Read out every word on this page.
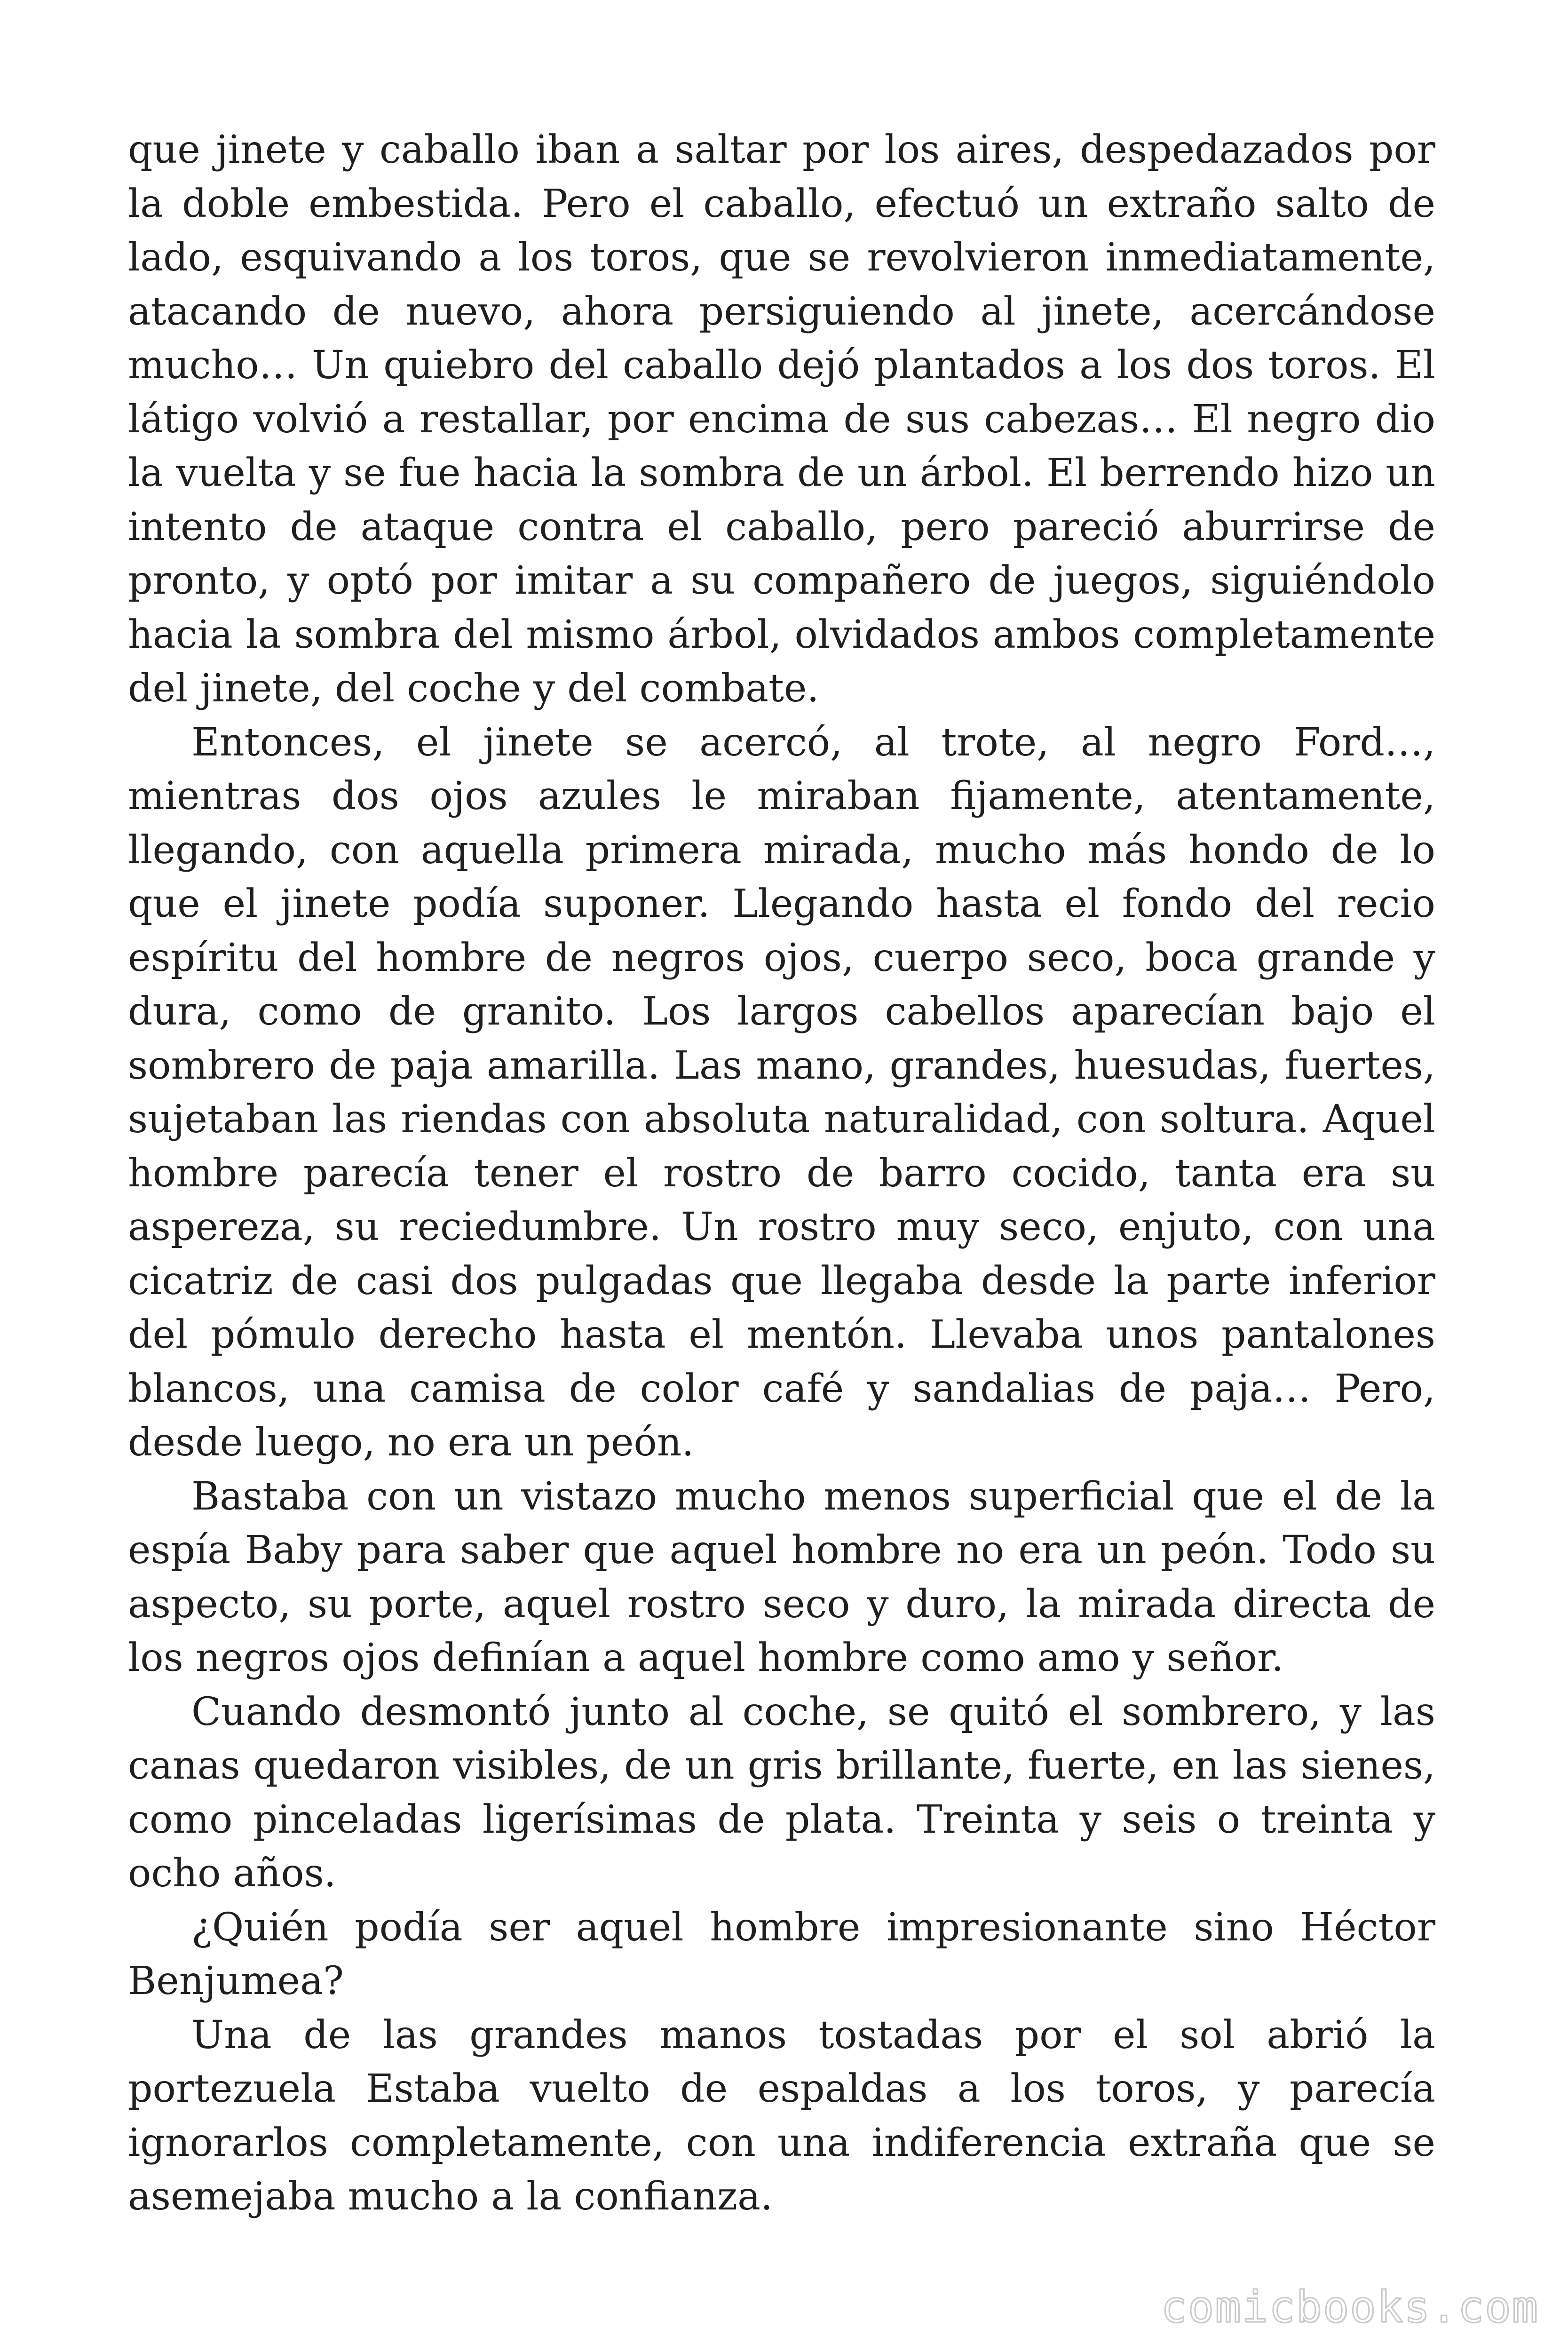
que jinete y caballo iban a saltar por los aires, despedazados por la doble embestida. Pero el caballo, efectuó un extraño salto de lado, esquivando a los toros, que se revolvieron inmediatamente, atacando de nuevo, ahora persiguiendo al jinete, acercándose mucho… Un quiebro del caballo dejó plantados a los dos toros. El látigo volvió a restallar, por encima de sus cabezas… El negro dio la vuelta y se fue hacia la sombra de un árbol. El berrendo hizo un intento de ataque contra el caballo, pero pareció aburrirse de pronto, y optó por imitar a su compañero de juegos, siguiéndolo hacia la sombra del mismo árbol, olvidados ambos completamente del jinete, del coche y del combate.

Entonces, el jinete se acercó, al trote, al negro Ford…, mientras dos ojos azules le miraban fijamente, atentamente, llegando, con aquella primera mirada, mucho más hondo de lo que el jinete podía suponer. Llegando hasta el fondo del recio espíritu del hombre de negros ojos, cuerpo seco, boca grande y dura, como de granito. Los largos cabellos aparecían bajo el sombrero de paja amarilla. Las mano, grandes, huesudas, fuertes, sujetaban las riendas con absoluta naturalidad, con soltura. Aquel hombre parecía tener el rostro de barro cocido, tanta era su aspereza, su reciedumbre. Un rostro muy seco, enjuto, con una cicatriz de casi dos pulgadas que llegaba desde la parte inferior del pómulo derecho hasta el mentón. Llevaba unos pantalones blancos, una camisa de color café y sandalias de paja… Pero, desde luego, no era un peón.

Bastaba con un vistazo mucho menos superficial que el de la espía Baby para saber que aquel hombre no era un peón. Todo su aspecto, su porte, aquel rostro seco y duro, la mirada directa de los negros ojos definían a aquel hombre como amo y señor.

Cuando desmontó junto al coche, se quitó el sombrero, y las canas quedaron visibles, de un gris brillante, fuerte, en las sienes, como pinceladas ligerísimas de plata. Treinta y seis o treinta y ocho años.

¿Quién podía ser aquel hombre impresionante sino Héctor Benjumea?

Una de las grandes manos tostadas por el sol abrió la portezuela Estaba vuelto de espaldas a los toros, y parecía ignorarlos completamente, con una indiferencia extraña que se asemejaba mucho a la confianza.

comicbooks.com
